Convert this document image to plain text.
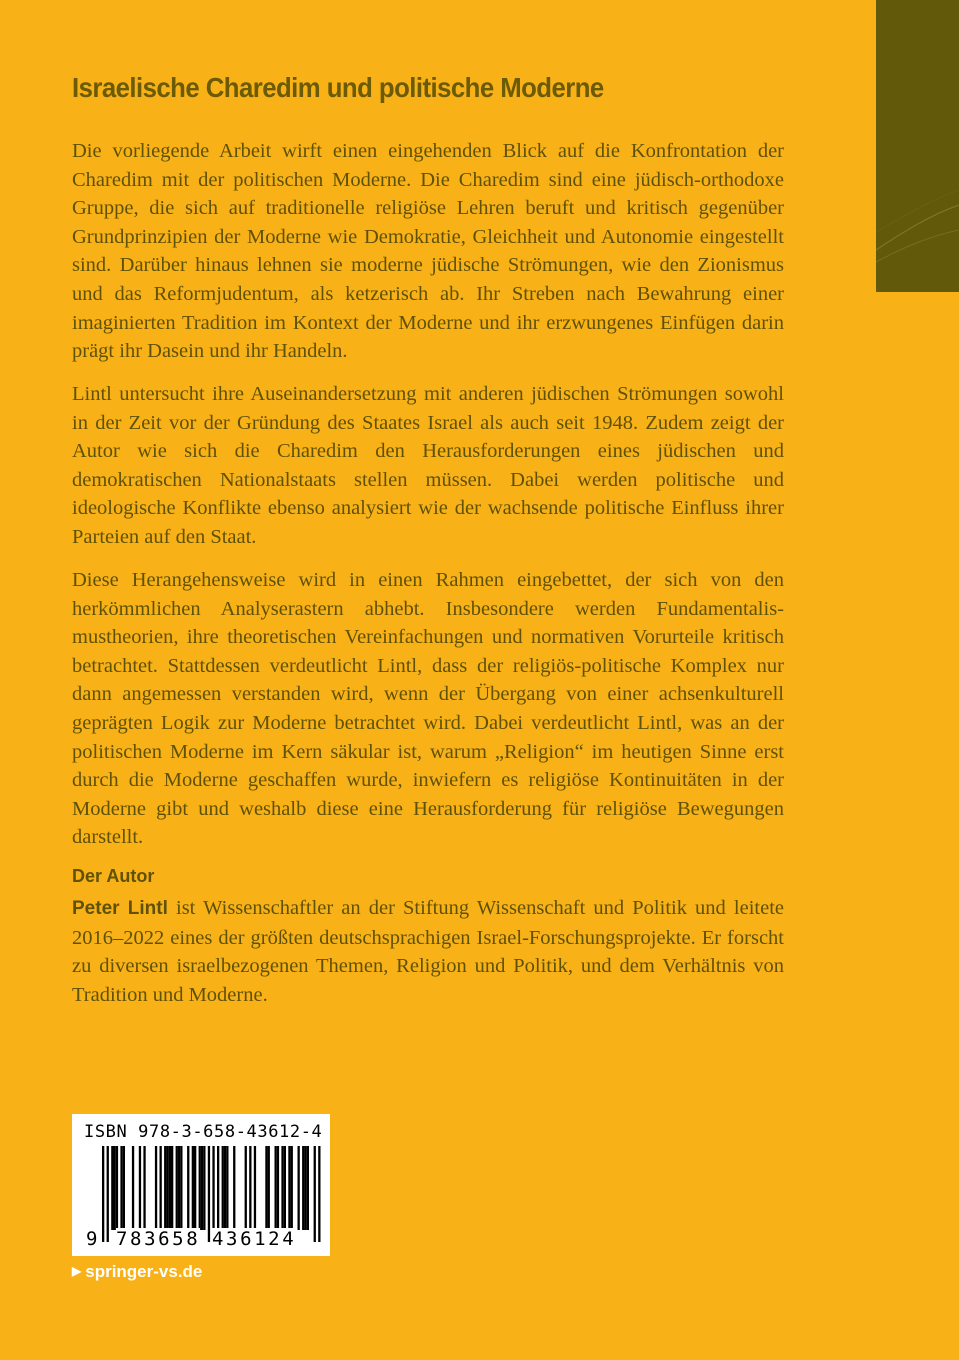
Israelische Charedim und politische Moderne

Die vorliegende Arbeit wirft einen eingehenden Blick auf die Konfrontation der Charedim mit der politischen Moderne. Die Charedim sind eine jüdisch-orthodoxe Gruppe, die sich auf traditionelle religiöse Lehren beruft und kritisch gegenüber Grundprinzipien der Moderne wie Demokratie, Gleichheit und Autonomie eingestellt sind. Darüber hinaus lehnen sie moderne jüdische Strömungen, wie den Zionismus und das Reformjudentum, als ketzerisch ab. Ihr Streben nach Bewahrung einer imaginierten Tradition im Kontext der Moderne und ihr erzwungenes Einfügen darin prägt ihr Dasein und ihr Handeln.

Lintl untersucht ihre Auseinandersetzung mit anderen jüdischen Strömungen sowohl in der Zeit vor der Gründung des Staates Israel als auch seit 1948. Zudem zeigt der Autor wie sich die Charedim den Herausforderungen eines jüdischen und demokratischen Nationalstaats stellen müssen. Dabei werden politische und ideologische Konflikte ebenso analysiert wie der wachsende politische Einfluss ihrer Parteien auf den Staat.

Diese Herangehensweise wird in einen Rahmen eingebettet, der sich von den herkömmlichen Analyserastern abhebt. Insbesondere werden Fundamentalismustheorien, ihre theoretischen Vereinfachungen und normativen Vorurteile kritisch betrachtet. Stattdessen verdeutlicht Lintl, dass der religiös-politische Komplex nur dann angemessen verstanden wird, wenn der Übergang von einer achsenkulturell geprägten Logik zur Moderne betrachtet wird. Dabei verdeutlicht Lintl, was an der politischen Moderne im Kern säkular ist, warum „Religion“ im heutigen Sinne erst durch die Moderne geschaffen wurde, inwiefern es religiöse Kontinuitäten in der Moderne gibt und weshalb diese eine Herausforderung für religiöse Bewegungen darstellt.

Der Autor

Peter Lintl ist Wissenschaftler an der Stiftung Wissenschaft und Politik und leitete 2016–2022 eines der größten deutschsprachigen Israel-Forschungsprojekte. Er forscht zu diversen israelbezogenen Themen, Religion und Politik, und dem Verhältnis von Tradition und Moderne.

ISBN 978-3-658-43612-4
9 783658 436124
▶ springer-vs.de
